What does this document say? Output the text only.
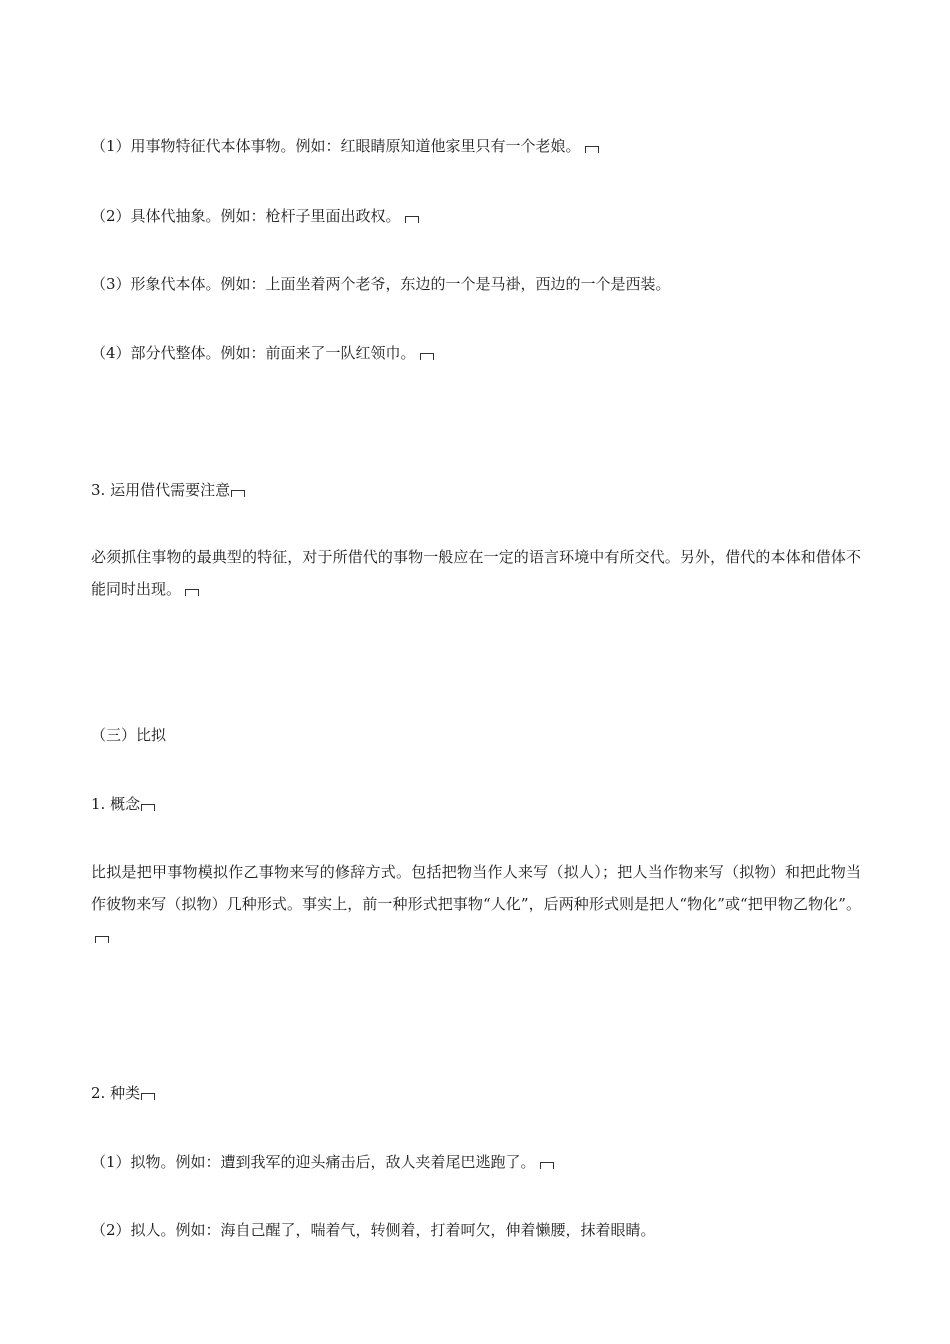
（1）用事物特征代本体事物。例如：红眼睛原知道他家里只有一个老娘。
（2）具体代抽象。例如：枪杆子里面出政权。
（3）形象代本体。例如：上面坐着两个老爷，东边的一个是马褂，西边的一个是西装。
（4）部分代整体。例如：前面来了一队红领巾。
3. 运用借代需要注意
必须抓住事物的最典型的特征，对于所借代的事物一般应在一定的语言环境中有所交代。另外，借代的本体和借体不能同时出现。
（三）比拟
1. 概念
比拟是把甲事物模拟作乙事物来写的修辞方式。包括把物当作人来写（拟人）；把人当作物来写（拟物）和把此物当作彼物来写（拟物）几种形式。事实上，前一种形式把事物“人化”，后两种形式则是把人“物化”或“把甲物乙物化”。
2. 种类
（1）拟物。例如：遭到我军的迎头痛击后，敌人夹着尾巴逃跑了。
（2）拟人。例如：海自己醒了，喘着气，转侧着，打着呵欠，伸着懒腰，抹着眼睛。
